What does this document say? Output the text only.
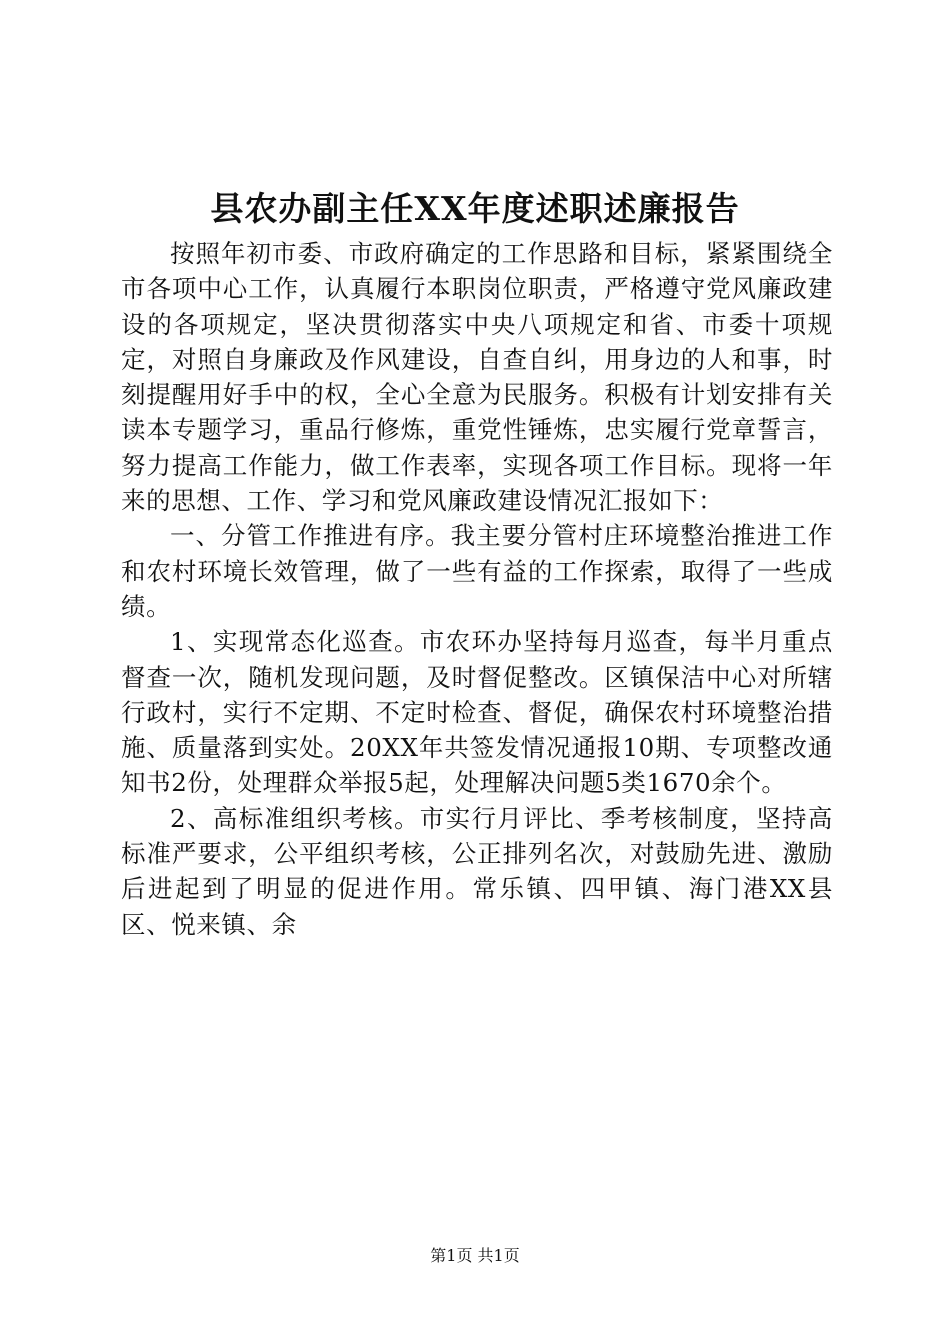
县农办副主任XX年度述职述廉报告

按照年初市委、市政府确定的工作思路和目标，紧紧围绕全市各项中心工作，认真履行本职岗位职责，严格遵守党风廉政建设的各项规定，坚决贯彻落实中央八项规定和省、市委十项规定，对照自身廉政及作风建设，自查自纠，用身边的人和事，时刻提醒用好手中的权，全心全意为民服务。积极有计划安排有关读本专题学习，重品行修炼，重党性锤炼，忠实履行党章誓言，努力提高工作能力，做工作表率，实现各项工作目标。现将一年来的思想、工作、学习和党风廉政建设情况汇报如下：

一、分管工作推进有序。我主要分管村庄环境整治推进工作和农村环境长效管理，做了一些有益的工作探索，取得了一些成绩。

1、实现常态化巡查。市农环办坚持每月巡查，每半月重点督查一次，随机发现问题，及时督促整改。区镇保洁中心对所辖行政村，实行不定期、不定时检查、督促，确保农村环境整治措施、质量落到实处。20XX年共签发情况通报10期、专项整改通知书2份，处理群众举报5起，处理解决问题5类1670余个。

2、高标准组织考核。市实行月评比、季考核制度，坚持高标准严要求，公平组织考核，公正排列名次，对鼓励先进、激励后进起到了明显的促进作用。常乐镇、四甲镇、海门港XX县区、悦来镇、余

第1页 共1页
